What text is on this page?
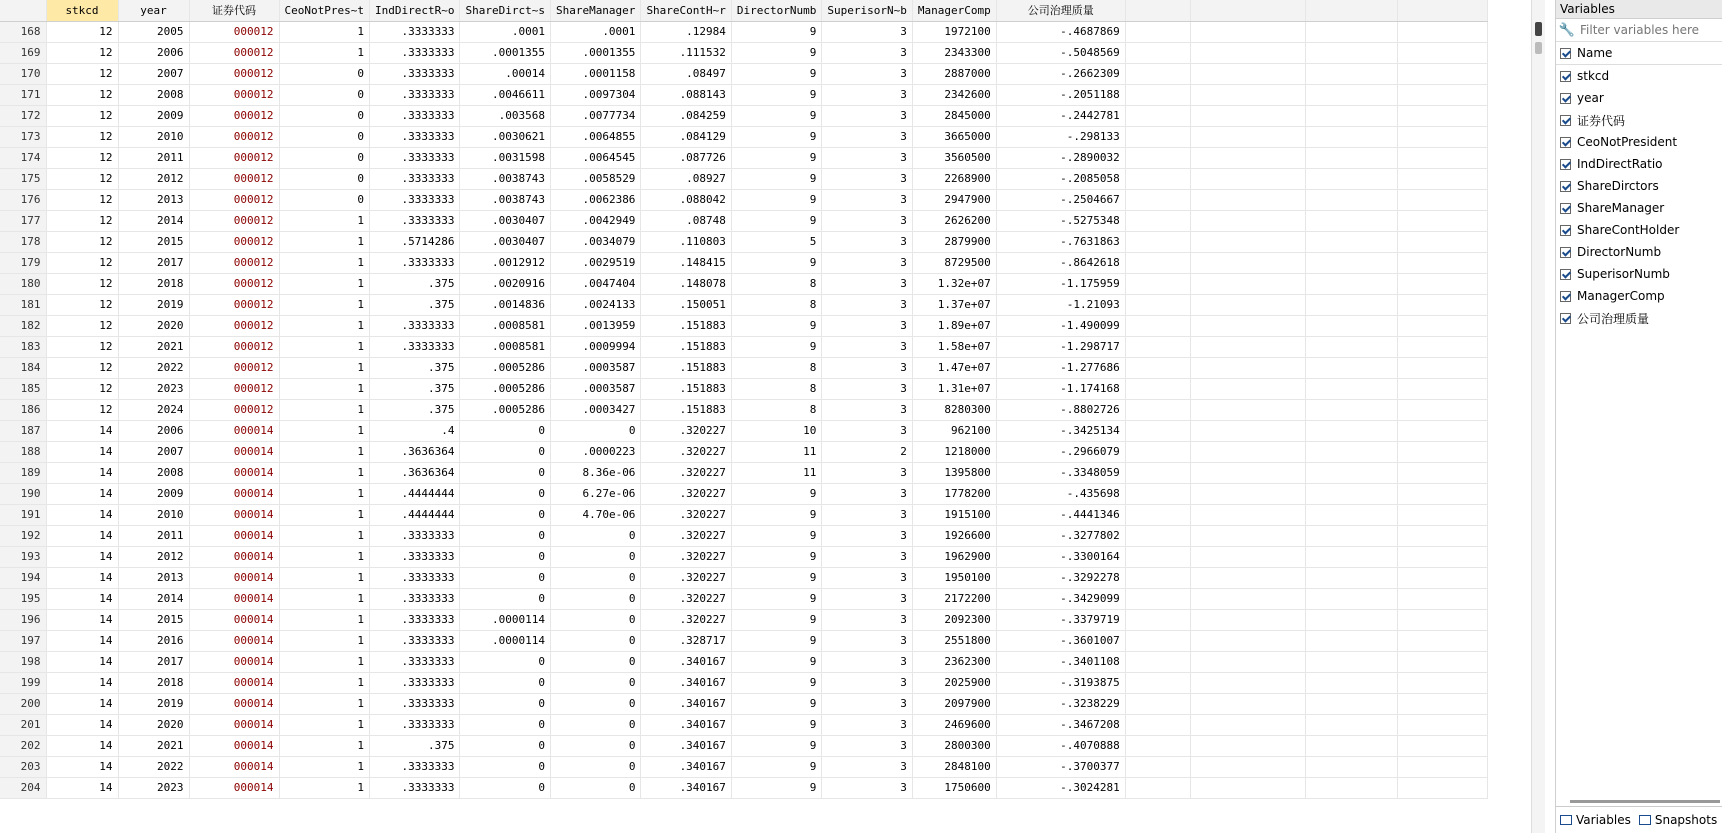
	stkcd	year	证券代码	CeoNotPres~t	IndDirectR~o	ShareDirct~s	ShareManager	ShareContH~r	DirectorNumb	SuperisorN~b	ManagerComp	公司治理质量				
168	12	2005	000012	1	.3333333	.0001	.0001	.12984	9	3	1972100	-.4687869				
169	12	2006	000012	1	.3333333	.0001355	.0001355	.111532	9	3	2343300	-.5048569				
170	12	2007	000012	0	.3333333	.00014	.0001158	.08497	9	3	2887000	-.2662309				
171	12	2008	000012	0	.3333333	.0046611	.0097304	.088143	9	3	2342600	-.2051188				
172	12	2009	000012	0	.3333333	.003568	.0077734	.084259	9	3	2845000	-.2442781				
173	12	2010	000012	0	.3333333	.0030621	.0064855	.084129	9	3	3665000	-.298133				
174	12	2011	000012	0	.3333333	.0031598	.0064545	.087726	9	3	3560500	-.2890032				
175	12	2012	000012	0	.3333333	.0038743	.0058529	.08927	9	3	2268900	-.2085058				
176	12	2013	000012	0	.3333333	.0038743	.0062386	.088042	9	3	2947900	-.2504667				
177	12	2014	000012	1	.3333333	.0030407	.0042949	.08748	9	3	2626200	-.5275348				
178	12	2015	000012	1	.5714286	.0030407	.0034079	.110803	5	3	2879900	-.7631863				
179	12	2017	000012	1	.3333333	.0012912	.0029519	.148415	9	3	8729500	-.8642618				
180	12	2018	000012	1	.375	.0020916	.0047404	.148078	8	3	1.32e+07	-1.175959				
181	12	2019	000012	1	.375	.0014836	.0024133	.150051	8	3	1.37e+07	-1.21093				
182	12	2020	000012	1	.3333333	.0008581	.0013959	.151883	9	3	1.89e+07	-1.490099				
183	12	2021	000012	1	.3333333	.0008581	.0009994	.151883	9	3	1.58e+07	-1.298717				
184	12	2022	000012	1	.375	.0005286	.0003587	.151883	8	3	1.47e+07	-1.277686				
185	12	2023	000012	1	.375	.0005286	.0003587	.151883	8	3	1.31e+07	-1.174168				
186	12	2024	000012	1	.375	.0005286	.0003427	.151883	8	3	8280300	-.8802726				
187	14	2006	000014	1	.4	0	0	.320227	10	3	962100	-.3425134				
188	14	2007	000014	1	.3636364	0	.0000223	.320227	11	2	1218000	-.2966079				
189	14	2008	000014	1	.3636364	0	8.36e-06	.320227	11	3	1395800	-.3348059				
190	14	2009	000014	1	.4444444	0	6.27e-06	.320227	9	3	1778200	-.435698				
191	14	2010	000014	1	.4444444	0	4.70e-06	.320227	9	3	1915100	-.4441346				
192	14	2011	000014	1	.3333333	0	0	.320227	9	3	1926600	-.3277802				
193	14	2012	000014	1	.3333333	0	0	.320227	9	3	1962900	-.3300164				
194	14	2013	000014	1	.3333333	0	0	.320227	9	3	1950100	-.3292278				
195	14	2014	000014	1	.3333333	0	0	.320227	9	3	2172200	-.3429099				
196	14	2015	000014	1	.3333333	.0000114	0	.320227	9	3	2092300	-.3379719				
197	14	2016	000014	1	.3333333	.0000114	0	.328717	9	3	2551800	-.3601007				
198	14	2017	000014	1	.3333333	0	0	.340167	9	3	2362300	-.3401108				
199	14	2018	000014	1	.3333333	0	0	.340167	9	3	2025900	-.3193875				
200	14	2019	000014	1	.3333333	0	0	.340167	9	3	2097900	-.3238229				
201	14	2020	000014	1	.3333333	0	0	.340167	9	3	2469600	-.3467208				
202	14	2021	000014	1	.375	0	0	.340167	9	3	2800300	-.4070888				
203	14	2022	000014	1	.3333333	0	0	.340167	9	3	2848100	-.3700377				
204	14	2023	000014	1	.3333333	0	0	.340167	9	3	1750600	-.3024281				
Variables
🔧
Filter variables here
Name
stkcd
year
证券代码
CeoNotPresident
IndDirectRatio
ShareDirctors
ShareManager
ShareContHolder
DirectorNumb
SuperisorNumb
ManagerComp
公司治理质量
Variables Snapshots
